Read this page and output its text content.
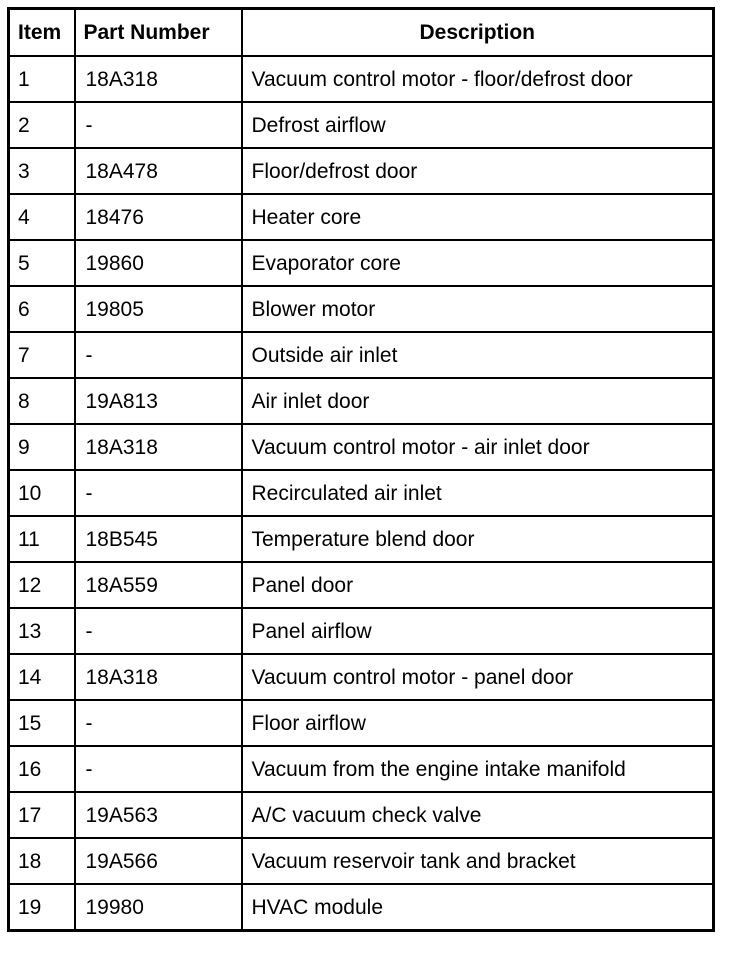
Item	Part Number	Description
1	18A318	Vacuum control motor - floor/defrost door
2	-	Defrost airflow
3	18A478	Floor/defrost door
4	18476	Heater core
5	19860	Evaporator core
6	19805	Blower motor
7	-	Outside air inlet
8	19A813	Air inlet door
9	18A318	Vacuum control motor - air inlet door
10	-	Recirculated air inlet
11	18B545	Temperature blend door
12	18A559	Panel door
13	-	Panel airflow
14	18A318	Vacuum control motor - panel door
15	-	Floor airflow
16	-	Vacuum from the engine intake manifold
17	19A563	A/C vacuum check valve
18	19A566	Vacuum reservoir tank and bracket
19	19980	HVAC module
